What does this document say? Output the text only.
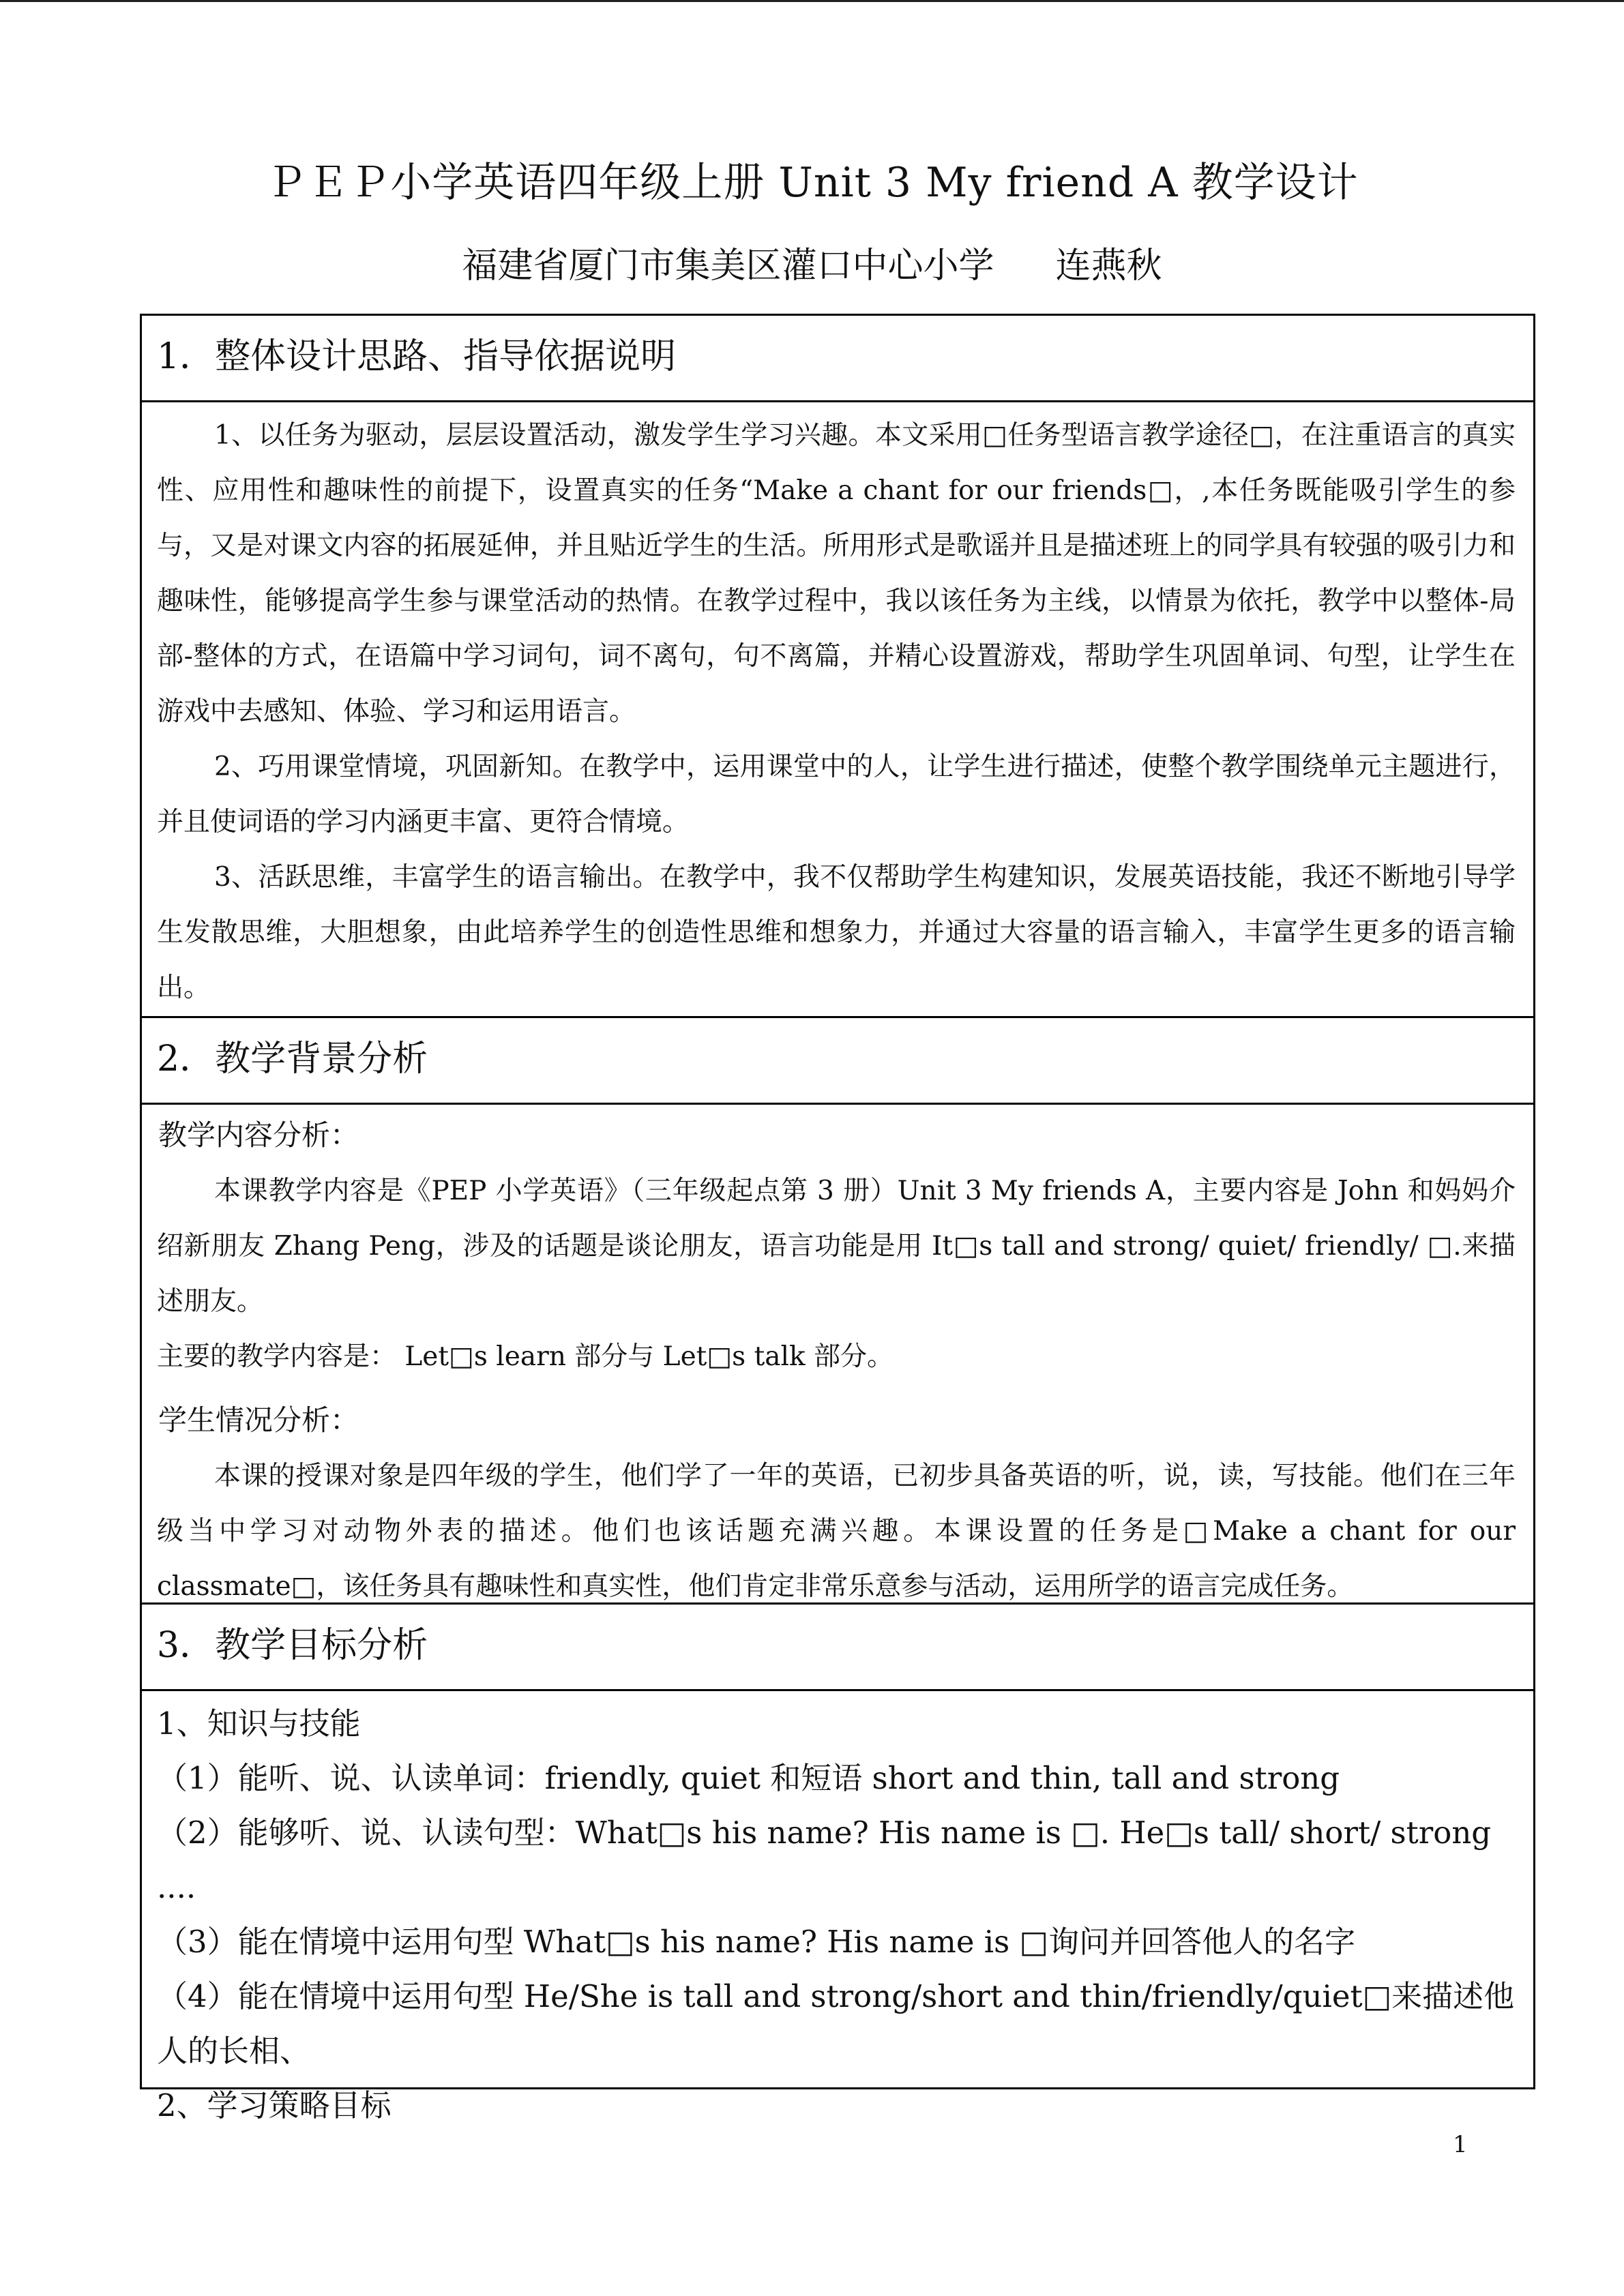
ＰＥＰ小学英语四年级上册 Unit 3 My friend A 教学设计
福建省厦门市集美区灌口中心小学 连燕秋
1．整体设计思路、指导依据说明

1、以任务为驱动，层层设置活动，激发学生学习兴趣。本文采用□任务型语言教学途径□，在注重语言的真实性、应用性和趣味性的前提下，设置真实的任务“Make a chant for our friends□，,本任务既能吸引学生的参与，又是对课文内容的拓展延伸，并且贴近学生的生活。所用形式是歌谣并且是描述班上的同学具有较强的吸引力和趣味性，能够提高学生参与课堂活动的热情。在教学过程中，我以该任务为主线，以情景为依托，教学中以整体-局部-整体的方式，在语篇中学习词句，词不离句，句不离篇，并精心设置游戏，帮助学生巩固单词、句型，让学生在游戏中去感知、体验、学习和运用语言。

2、巧用课堂情境，巩固新知。在教学中，运用课堂中的人，让学生进行描述，使整个教学围绕单元主题进行，并且使词语的学习内涵更丰富、更符合情境。

3、活跃思维，丰富学生的语言输出。在教学中，我不仅帮助学生构建知识，发展英语技能，我还不断地引导学生发散思维，大胆想象，由此培养学生的创造性思维和想象力，并通过大容量的语言输入，丰富学生更多的语言输出。

2．教学背景分析
教学内容分析：

本课教学内容是《PEP 小学英语》（三年级起点第 3 册）Unit 3 My friends A，主要内容是 John 和妈妈介绍新朋友 Zhang Peng，涉及的话题是谈论朋友，语言功能是用 It□s tall and strong/ quiet/ friendly/ □.来描述朋友。

主要的教学内容是： Let□s learn 部分与 Let□s talk 部分。

学生情况分析：

本课的授课对象是四年级的学生，他们学了一年的英语，已初步具备英语的听，说，读，写技能。他们在三年级当中学习对动物外表的描述。他们也该话题充满兴趣。本课设置的任务是□Make a chant for our classmate□，该任务具有趣味性和真实性，他们肯定非常乐意参与活动，运用所学的语言完成任务。

3．教学目标分析

1、知识与技能

（1）能听、说、认读单词：friendly, quiet 和短语 short and thin, tall and strong

（2）能够听、说、认读句型：What□s his name? His name is □. He□s tall/ short/ strong ....

（3）能在情境中运用句型 What□s his name? His name is □询问并回答他人的名字

（4）能在情境中运用句型 He/She is tall and strong/short and thin/friendly/quiet□来描述他人的长相、

2、学习策略目标

1
